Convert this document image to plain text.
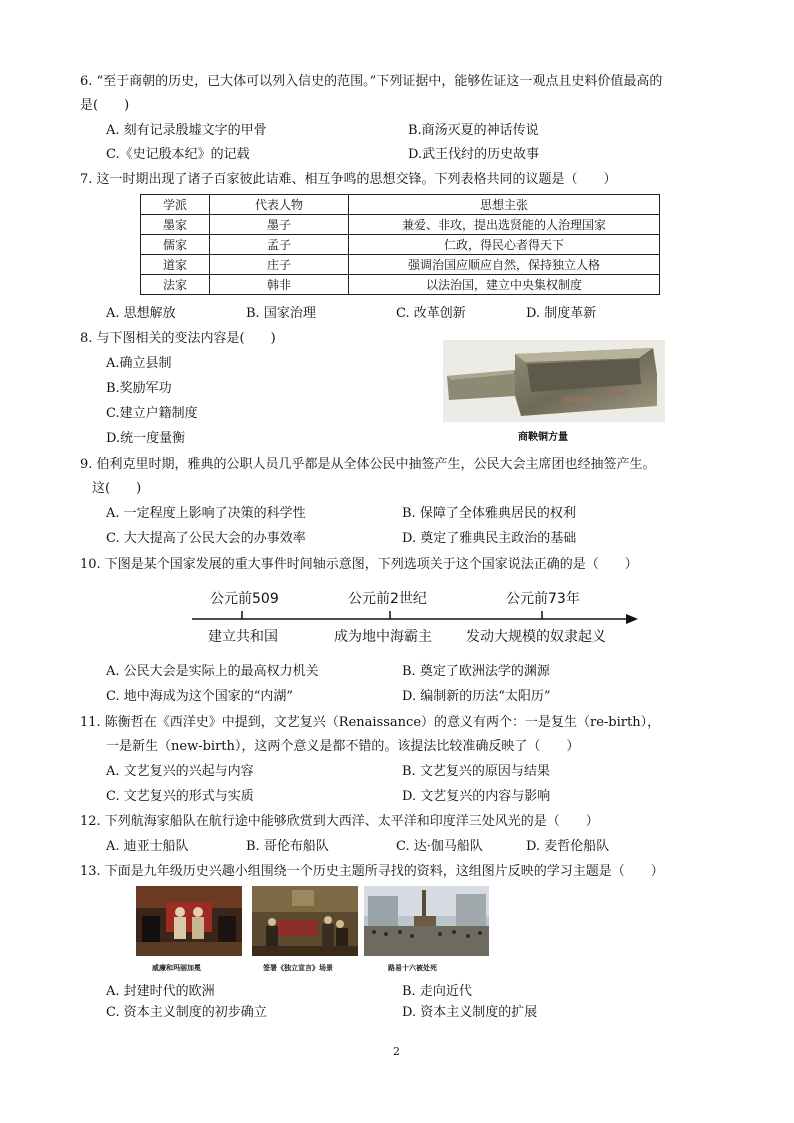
6. “至于商朝的历史，已大体可以列入信史的范围。”下列证据中，能够佐证这一观点且史料价值最高的
是(　　)
A. 刻有记录殷墟文字的甲骨	B.商汤灭夏的神话传说
C.《史记殷本纪》的记载	D.武王伐纣的历史故事
7. 这一时期出现了诸子百家彼此诘难、相互争鸣的思想交锋。下列表格共同的议题是（　　）
学派	代表人物	思想主张
墨家	墨子	兼爱、非攻，提出选贤能的人治理国家
儒家	孟子	仁政，得民心者得天下
道家	庄子	强调治国应顺应自然，保持独立人格
法家	韩非	以法治国，建立中央集权制度
A. 思想解放	B. 国家治理	C. 改革创新	D. 制度革新
8. 与下图相关的变法内容是(　　)
A.确立县制
B.奖励军功
C.建立户籍制度
D.统一度量衡	商鞅铜方量
9. 伯利克里时期，雅典的公职人员几乎都是从全体公民中抽签产生，公民大会主席团也经抽签产生。
这(　　)
A. 一定程度上影响了决策的科学性	B. 保障了全体雅典居民的权利
C. 大大提高了公民大会的办事效率	D. 奠定了雅典民主政治的基础
10. 下图是某个国家发展的重大事件时间轴示意图，下列选项关于这个国家说法正确的是（　　）
公元前509	公元前2世纪	公元前73年
建立共和国	成为地中海霸主 发动大规模的奴隶起义
A. 公民大会是实际上的最高权力机关	B. 奠定了欧洲法学的渊源
C. 地中海成为这个国家的“内湖”	D. 编制新的历法“太阳历”
11. 陈衡哲在《西洋史》中提到，文艺复兴（Renaissance）的意义有两个：一是复生（re-birth），
一是新生（new-birth），这两个意义是都不错的。该提法比较准确反映了（　　）
A. 文艺复兴的兴起与内容	B. 文艺复兴的原因与结果
C. 文艺复兴的形式与实质	D. 文艺复兴的内容与影响
12. 下列航海家船队在航行途中能够欣赏到大西洋、太平洋和印度洋三处风光的是（　　）
A. 迪亚士船队	B. 哥伦布船队	C. 达·伽马船队	D. 麦哲伦船队
13. 下面是九年级历史兴趣小组围绕一个历史主题所寻找的资料，这组图片反映的学习主题是（　　）
威廉和玛丽加冕	签署《独立宣言》场景	路易十六被处死
A. 封建时代的欧洲	B. 走向近代
C. 资本主义制度的初步确立	D. 资本主义制度的扩展
2
